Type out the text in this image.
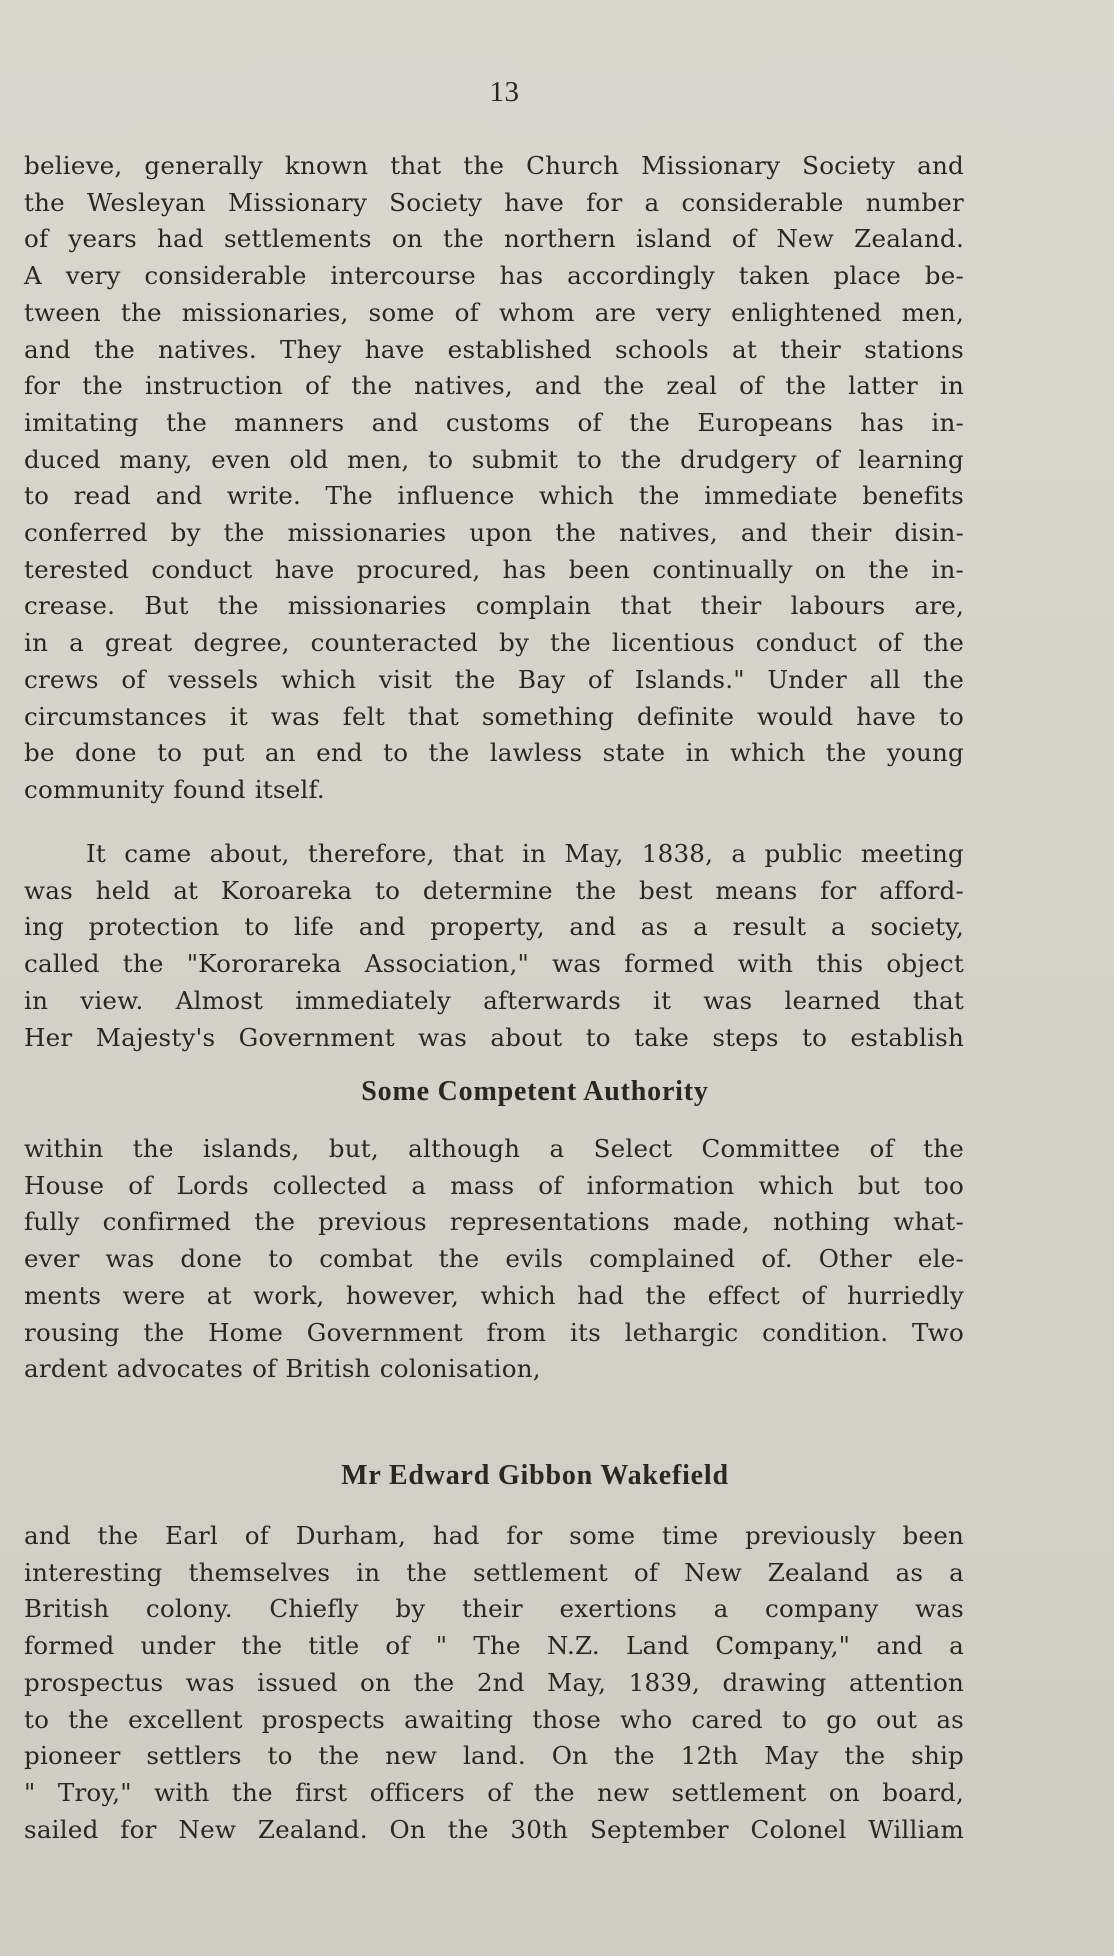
13
believe, generally known that the Church Missionary Society and
the Wesleyan Missionary Society have for a considerable number
of years had settlements on the northern island of New Zealand.
A very considerable intercourse has accordingly taken place be-
tween the missionaries, some of whom are very enlightened men,
and the natives. They have established schools at their stations
for the instruction of the natives, and the zeal of the latter in
imitating the manners and customs of the Europeans has in-
duced many, even old men, to submit to the drudgery of learning
to read and write. The influence which the immediate benefits
conferred by the missionaries upon the natives, and their disin-
terested conduct have procured, has been continually on the in-
crease. But the missionaries complain that their labours are,
in a great degree, counteracted by the licentious conduct of the
crews of vessels which visit the Bay of Islands." Under all the
circumstances it was felt that something definite would have to
be done to put an end to the lawless state in which the young
community found itself.
It came about, therefore, that in May, 1838, a public meeting
was held at Koroareka to determine the best means for afford-
ing protection to life and property, and as a result a society,
called the "Kororareka Association," was formed with this object
in view. Almost immediately afterwards it was learned that
Her Majesty's Government was about to take steps to establish
Some Competent Authority
within the islands, but, although a Select Committee of the
House of Lords collected a mass of information which but too
fully confirmed the previous representations made, nothing what-
ever was done to combat the evils complained of. Other ele-
ments were at work, however, which had the effect of hurriedly
rousing the Home Government from its lethargic condition. Two
ardent advocates of British colonisation,
Mr Edward Gibbon Wakefield
and the Earl of Durham, had for some time previously been
interesting themselves in the settlement of New Zealand as a
British colony. Chiefly by their exertions a company was
formed under the title of " The N.Z. Land Company," and a
prospectus was issued on the 2nd May, 1839, drawing attention
to the excellent prospects awaiting those who cared to go out as
pioneer settlers to the new land. On the 12th May the ship
" Troy," with the first officers of the new settlement on board,
sailed for New Zealand. On the 30th September Colonel William
